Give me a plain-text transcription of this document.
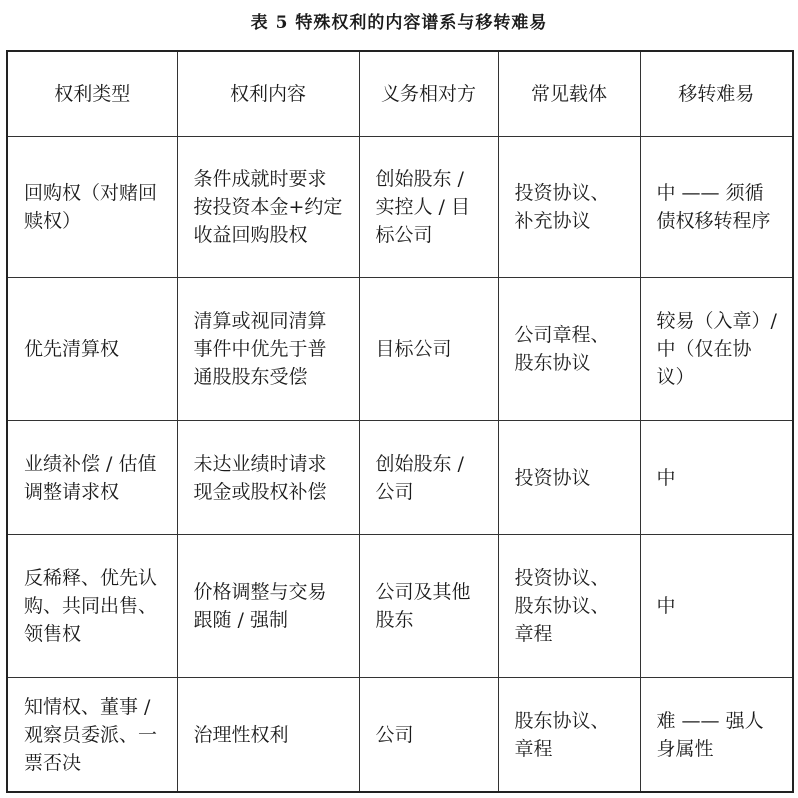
表 5 特殊权利的内容谱系与移转难易
权利类型	权利内容	义务相对方	常见载体	移转难易
回购权（对赌回赎权）	条件成就时要求按投资本金+约定收益回购股权	创始股东 / 实控人 / 目标公司	投资协议、补充协议	中 —— 须循债权移转程序
优先清算权	清算或视同清算事件中优先于普通股股东受偿	目标公司	公司章程、股东协议	较易（入章）/ 中（仅在协议）
业绩补偿 / 估值调整请求权	未达业绩时请求现金或股权补偿	创始股东 / 公司	投资协议	中
反稀释、优先认购、共同出售、领售权	价格调整与交易跟随 / 强制	公司及其他股东	投资协议、股东协议、章程	中
知情权、董事 / 观察员委派、一票否决	治理性权利	公司	股东协议、章程	难 —— 强人身属性
